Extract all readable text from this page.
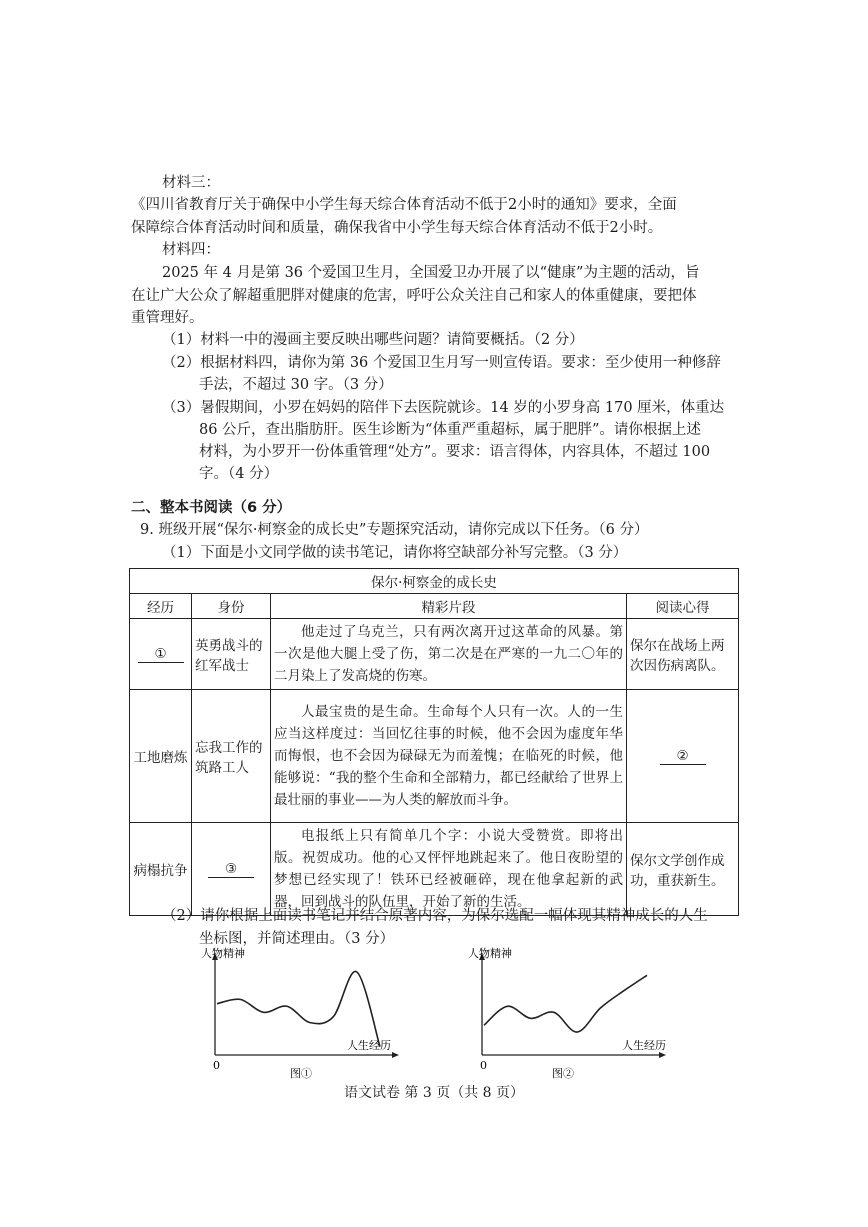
材料三：
《四川省教育厅关于确保中小学生每天综合体育活动不低于2小时的通知》要求，全面
保障综合体育活动时间和质量，确保我省中小学生每天综合体育活动不低于2小时。
材料四：
2025 年 4 月是第 36 个爱国卫生月，全国爱卫办开展了以“健康”为主题的活动，旨
在让广大公众了解超重肥胖对健康的危害，呼吁公众关注自己和家人的体重健康，要把体
重管理好。
（1）材料一中的漫画主要反映出哪些问题？请简要概括。（2 分）
（2）根据材料四，请你为第 36 个爱国卫生月写一则宣传语。要求：至少使用一种修辞
手法，不超过 30 字。（3 分）
（3）暑假期间，小罗在妈妈的陪伴下去医院就诊。14 岁的小罗身高 170 厘米，体重达
86 公斤，查出脂肪肝。医生诊断为“体重严重超标，属于肥胖”。请你根据上述
材料，为小罗开一份体重管理“处方”。要求：语言得体，内容具体，不超过 100
字。（4 分）
二、整本书阅读（6 分）
9. 班级开展“保尔·柯察金的成长史”专题探究活动，请你完成以下任务。（6 分）
（1）下面是小文同学做的读书笔记，请你将空缺部分补写完整。（3 分）
保尔·柯察金的成长史			
经历	身份	精彩片段	阅读心得
①	英勇战斗的红军战士	他走过了乌克兰，只有两次离开过这革命的风暴。第一次是他大腿上受了伤，第二次是在严寒的一九二〇年的二月染上了发高烧的伤寒。	保尔在战场上两次因伤病离队。
工地磨炼	忘我工作的筑路工人	人最宝贵的是生命。生命每个人只有一次。人的一生应当这样度过：当回忆往事的时候，他不会因为虚度年华而悔恨，也不会因为碌碌无为而羞愧；在临死的时候，他能够说：“我的整个生命和全部精力，都已经献给了世界上最壮丽的事业——为人类的解放而斗争。	②
病榻抗争	③	电报纸上只有简单几个字：小说大受赞赏。即将出版。祝贺成功。他的心又怦怦地跳起来了。他日夜盼望的梦想已经实现了！铁环已经被砸碎，现在他拿起新的武器，回到战斗的队伍里，开始了新的生活。	保尔文学创作成功，重获新生。
（2）请你根据上面读书笔记并结合原著内容，为保尔选配一幅体现其精神成长的人生
坐标图，并简述理由。（3 分）
人物精神
人生经历
0
图①
人物精神
人生经历
0
图②
语文试卷 第 3 页（共 8 页）
